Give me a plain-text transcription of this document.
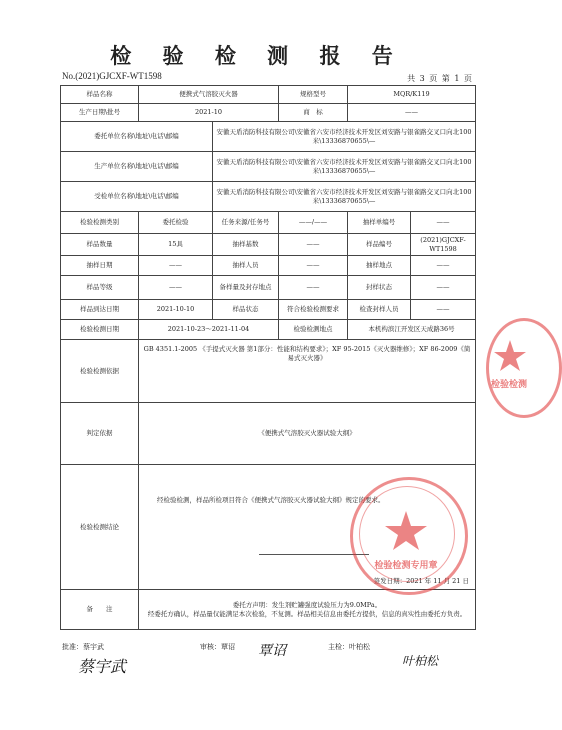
检 验 检 测 报 告
No.(2021)GJCXF-WT1598	共 3 页 第 1 页
样品名称	便携式气溶胶灭火器		规格型号	MQR/K119	
生产日期\批号	2021-10		商　标	——	
委托单位名称\地址\电话\邮编		安徽天盾消防科技有限公司\安徽省六安市经济技术开发区刘安路与银雀路交叉口向北100米\13336870655\—			
生产单位名称\地址\电话\邮编		安徽天盾消防科技有限公司\安徽省六安市经济技术开发区刘安路与银雀路交叉口向北100米\13336870655\—			
受检单位名称\地址\电话\邮编		安徽天盾消防科技有限公司\安徽省六安市经济技术开发区刘安路与银雀路交叉口向北100米\13336870655\—			
检验检测类别	委托检验	任务来源/任务号	——/——	抽样单编号	——
样品数量	15具	抽样基数	——	样品编号	(2021)GJCXF-WT1598
抽样日期	——	抽样人员	——	抽样地点	——
样品等级	——	备样量及封存地点	——	封样状态	——
样品到达日期	2021-10-10	样品状态	符合检验检测要求	检查封样人员	——
检验检测日期	2021-10-23～2021-11-04		检验检测地点	本机构滨江开发区天成路36号	
检验检测依据	GB 4351.1-2005 《手提式灭火器 第1部分：性能和结构要求》；XF 95-2015《灭火器维修》；XF 86-2009《简易式灭火器》				
判定依据	《便携式气溶胶灭火器试验大纲》				
检验检测结论	经检验检测，样品所检项目符合《便携式气溶胶灭火器试验大纲》规定的要求。
签发日期：2021 年 11 月 21 日				

备　　注	委托方声明：发生剂贮罐强度试验压力为9.0MPa。
经委托方确认，样品量仅能满足本次检验，不复测。样品相关信息由委托方提供，信息的真实性由委托方负责。				
批准：蔡宇武	审核：覃诏	主检：叶柏松
蔡宇武
覃诏
叶柏松
检验检测专用章
检验检测
